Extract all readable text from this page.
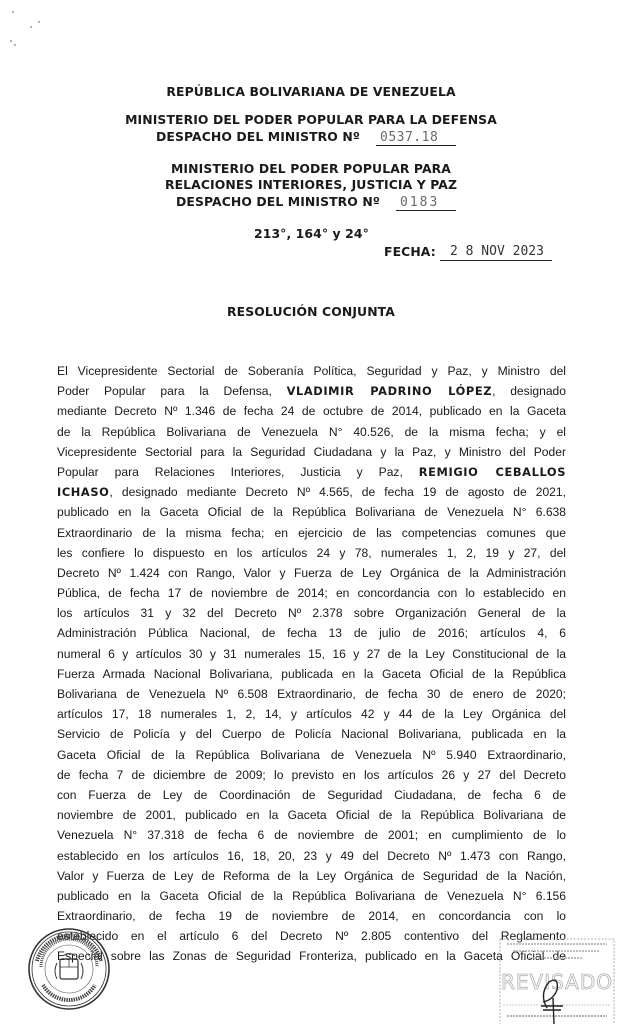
REPÚBLICA BOLIVARIANA DE VENEZUELA
MINISTERIO DEL PODER POPULAR PARA LA DEFENSA
DESPACHO DEL MINISTRO Nº 0537.18
MINISTERIO DEL PODER POPULAR PARA
RELACIONES INTERIORES, JUSTICIA Y PAZ
DESPACHO DEL MINISTRO Nº 0183
213°, 164° y 24°
FECHA: 2 8 NOV 2023
RESOLUCIÓN CONJUNTA
El Vicepresidente Sectorial de Soberanía Política, Seguridad y Paz, y Ministro del
Poder Popular para la Defensa, VLADIMIR PADRINO LÓPEZ, designado
mediante Decreto Nº 1.346 de fecha 24 de octubre de 2014, publicado en la Gaceta
de la República Bolivariana de Venezuela N° 40.526, de la misma fecha; y el
Vicepresidente Sectorial para la Seguridad Ciudadana y la Paz, y Ministro del Poder
Popular para Relaciones Interiores, Justicia y Paz, REMIGIO CEBALLOS
ICHASO, designado mediante Decreto Nº 4.565, de fecha 19 de agosto de 2021,
publicado en la Gaceta Oficial de la República Bolivariana de Venezuela N° 6.638
Extraordinario de la misma fecha; en ejercicio de las competencias comunes que
les confiere lo dispuesto en los artículos 24 y 78, numerales 1, 2, 19 y 27, del
Decreto Nº 1.424 con Rango, Valor y Fuerza de Ley Orgánica de la Administración
Pública, de fecha 17 de noviembre de 2014; en concordancia con lo establecido en
los artículos 31 y 32 del Decreto Nº 2.378 sobre Organización General de la
Administración Pública Nacional, de fecha 13 de julio de 2016; artículos 4, 6
numeral 6 y artículos 30 y 31 numerales 15, 16 y 27 de la Ley Constitucional de la
Fuerza Armada Nacional Bolivariana, publicada en la Gaceta Oficial de la República
Bolivariana de Venezuela Nº 6.508 Extraordinario, de fecha 30 de enero de 2020;
artículos 17, 18 numerales 1, 2, 14, y artículos 42 y 44 de la Ley Orgánica del
Servicio de Policía y del Cuerpo de Policía Nacional Bolivariana, publicada en la
Gaceta Oficial de la República Bolivariana de Venezuela Nº 5.940 Extraordinario,
de fecha 7 de diciembre de 2009; lo previsto en los artículos 26 y 27 del Decreto
con Fuerza de Ley de Coordinación de Seguridad Ciudadana, de fecha 6 de
noviembre de 2001, publicado en la Gaceta Oficial de la República Bolivariana de
Venezuela N° 37.318 de fecha 6 de noviembre de 2001; en cumplimiento de lo
establecido en los artículos 16, 18, 20, 23 y 49 del Decreto Nº 1.473 con Rango,
Valor y Fuerza de Ley de Reforma de la Ley Orgánica de Seguridad de la Nación,
publicado en la Gaceta Oficial de la República Bolivariana de Venezuela N° 6.156
Extraordinario, de fecha 19 de noviembre de 2014, en concordancia con lo
establecido en el artículo 6 del Decreto Nº 2.805 contentivo del Reglamento
Especial sobre las Zonas de Seguridad Fronteriza, publicado en la Gaceta Oficial de
REVISADO
